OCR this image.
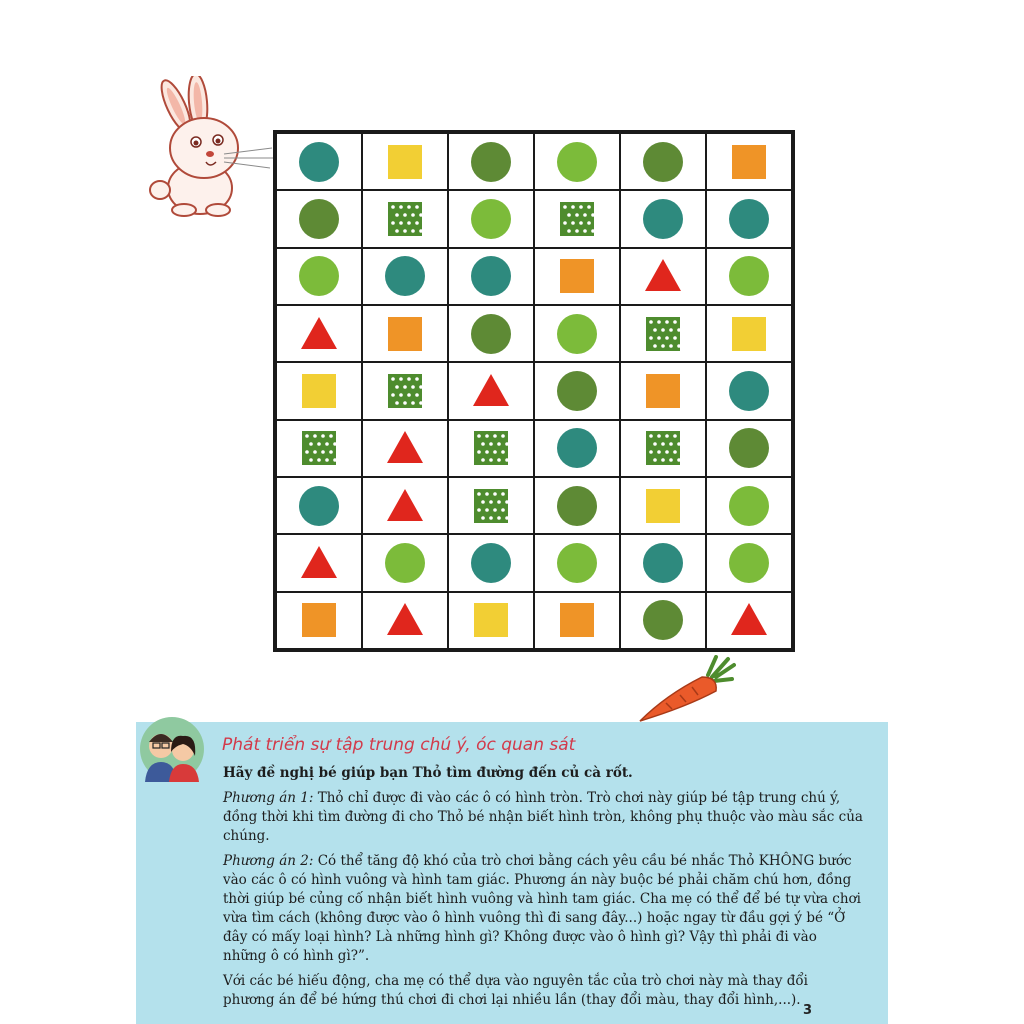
Phát triển sự tập trung chú ý, óc quan sát

Hãy đề nghị bé giúp bạn Thỏ tìm đường đến củ cà rốt.

Phương án 1: Thỏ chỉ được đi vào các ô có hình tròn. Trò chơi này giúp bé tập trung chú ý, đồng thời khi tìm đường đi cho Thỏ bé nhận biết hình tròn, không phụ thuộc vào màu sắc của chúng.

Phương án 2: Có thể tăng độ khó của trò chơi bằng cách yêu cầu bé nhắc Thỏ KHÔNG bước vào các ô có hình vuông và hình tam giác. Phương án này buộc bé phải chăm chú hơn, đồng thời giúp bé củng cố nhận biết hình vuông và hình tam giác. Cha mẹ có thể để bé tự vừa chơi vừa tìm cách (không được vào ô hình vuông thì đi sang đây...) hoặc ngay từ đầu gợi ý bé “Ở đây có mấy loại hình? Là những hình gì? Không được vào ô hình gì? Vậy thì phải đi vào những ô có hình gì?”.

Với các bé hiếu động, cha mẹ có thể dựa vào nguyên tắc của trò chơi này mà thay đổi phương án để bé hứng thú chơi đi chơi lại nhiều lần (thay đổi màu, thay đổi hình,...).

3
